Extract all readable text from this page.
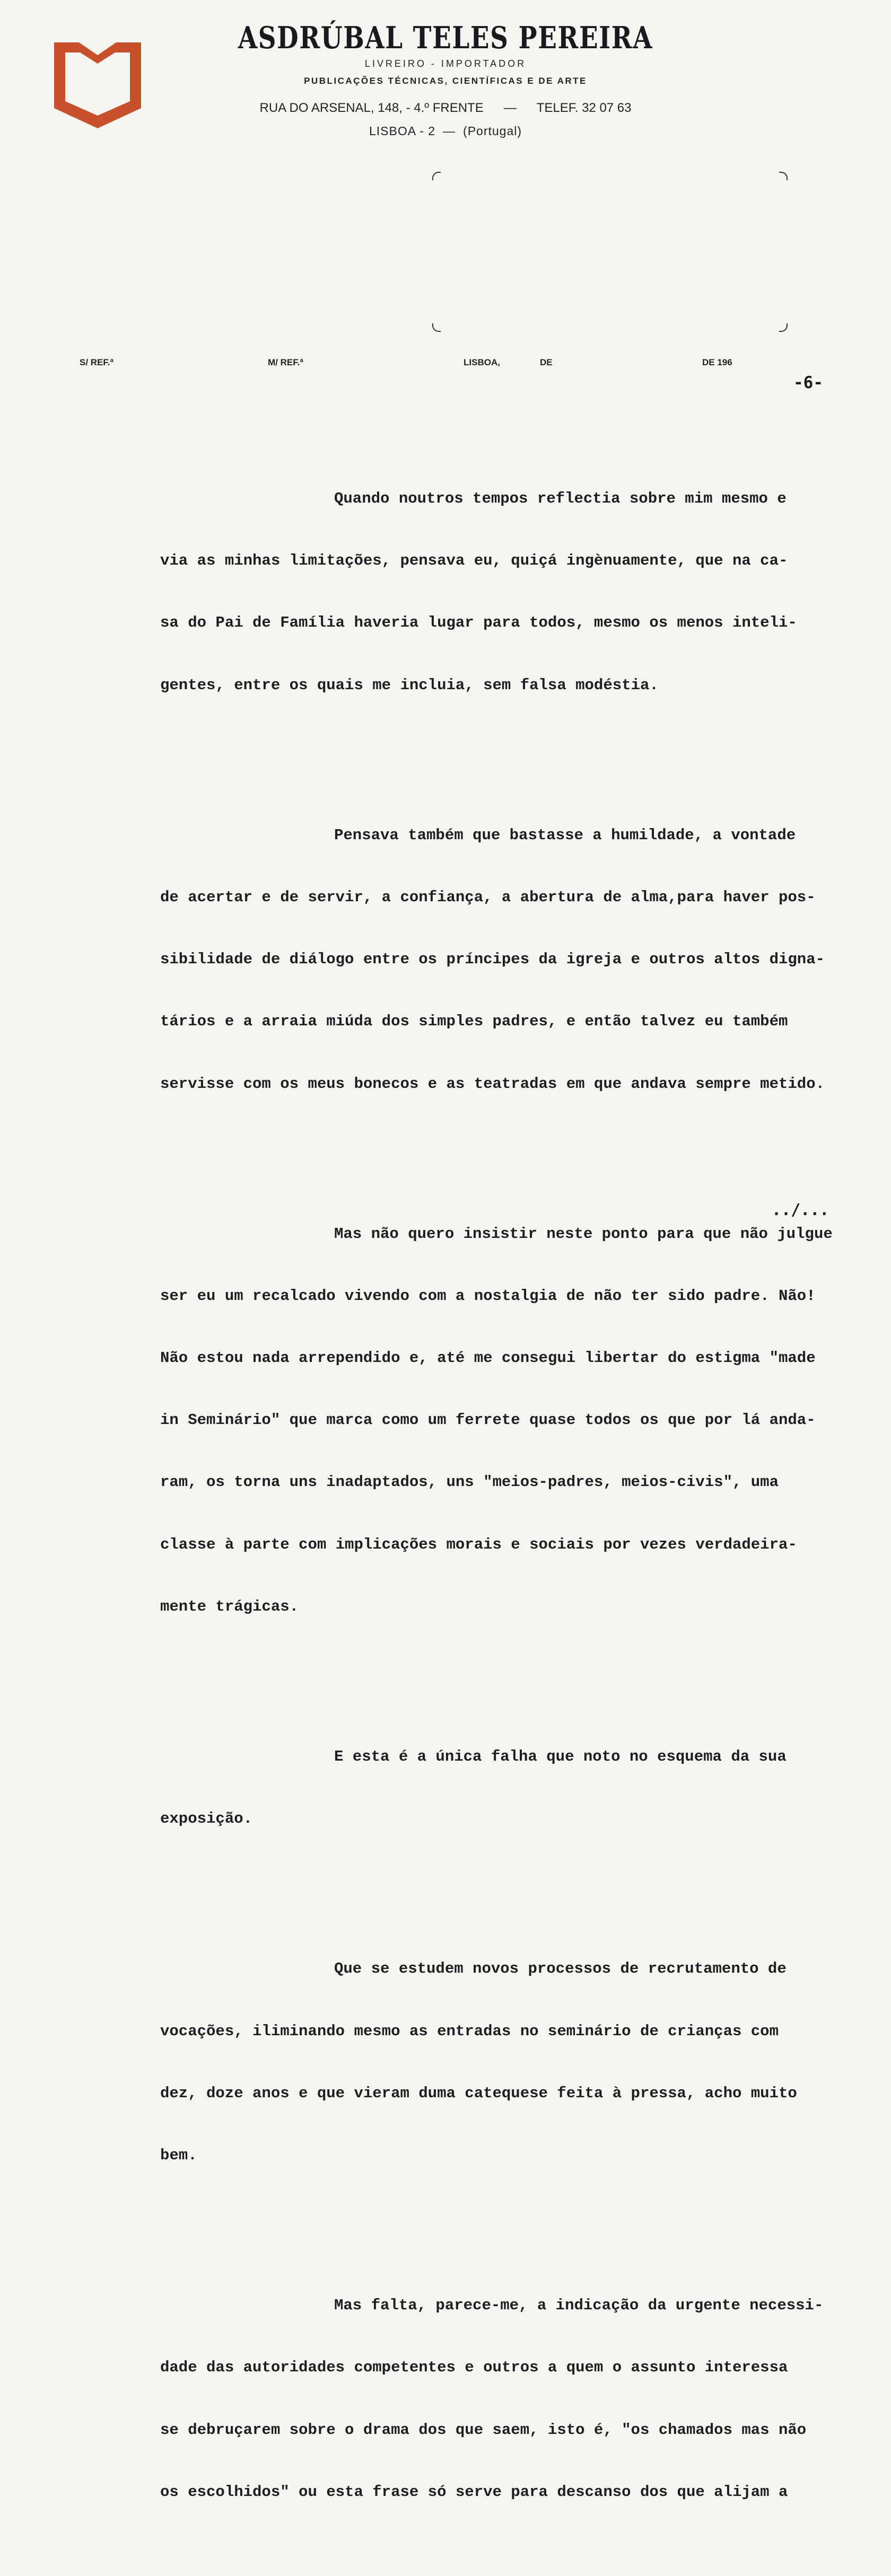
ASDRÚBAL TELES PEREIRA
LIVREIRO - IMPORTADOR
PUBLICAÇÕES TÉCNICAS, CIENTÍFICAS E DE ARTE
RUA DO ARSENAL, 148, - 4.º FRENTE — TELEF. 32 07 63
LISBOA - 2 — (Portugal)
S/ REF.ª	M/ REF.ª	LISBOA,	DE	DE 196
-6-

Quando noutros tempos reflectia sobre mim mesmo e

via as minhas limitações, pensava eu, quiçá ingènuamente, que na ca-

sa do Pai de Família haveria lugar para todos, mesmo os menos inteli-

gentes, entre os quais me incluia, sem falsa modéstia.

Pensava também que bastasse a humildade, a vontade

de acertar e de servir, a confiança, a abertura de alma,para haver pos-

sibilidade de diálogo entre os príncipes da igreja e outros altos digna-

tários e a arraia miúda dos simples padres, e então talvez eu também

servisse com os meus bonecos e as teatradas em que andava sempre metido.

Mas não quero insistir neste ponto para que não julgue

ser eu um recalcado vivendo com a nostalgia de não ter sido padre. Não!

Não estou nada arrependido e, até me consegui libertar do estigma "made

in Seminário" que marca como um ferrete quase todos os que por lá anda-

ram, os torna uns inadaptados, uns "meios-padres, meios-civis", uma

classe à parte com implicações morais e sociais por vezes verdadeira-

mente trágicas.

E esta é a única falha que noto no esquema da sua

exposição.

Que se estudem novos processos de recrutamento de

vocações, iliminando mesmo as entradas no seminário de crianças com

dez, doze anos e que vieram duma catequese feita à pressa, acho muito

bem.

Mas falta, parece-me, a indicação da urgente necessi-

dade das autoridades competentes e outros a quem o assunto interessa

se debruçarem sobre o drama dos que saem, isto é, "os chamados mas não

os escolhidos" ou esta frase só serve para descanso dos que alijam a

../...
